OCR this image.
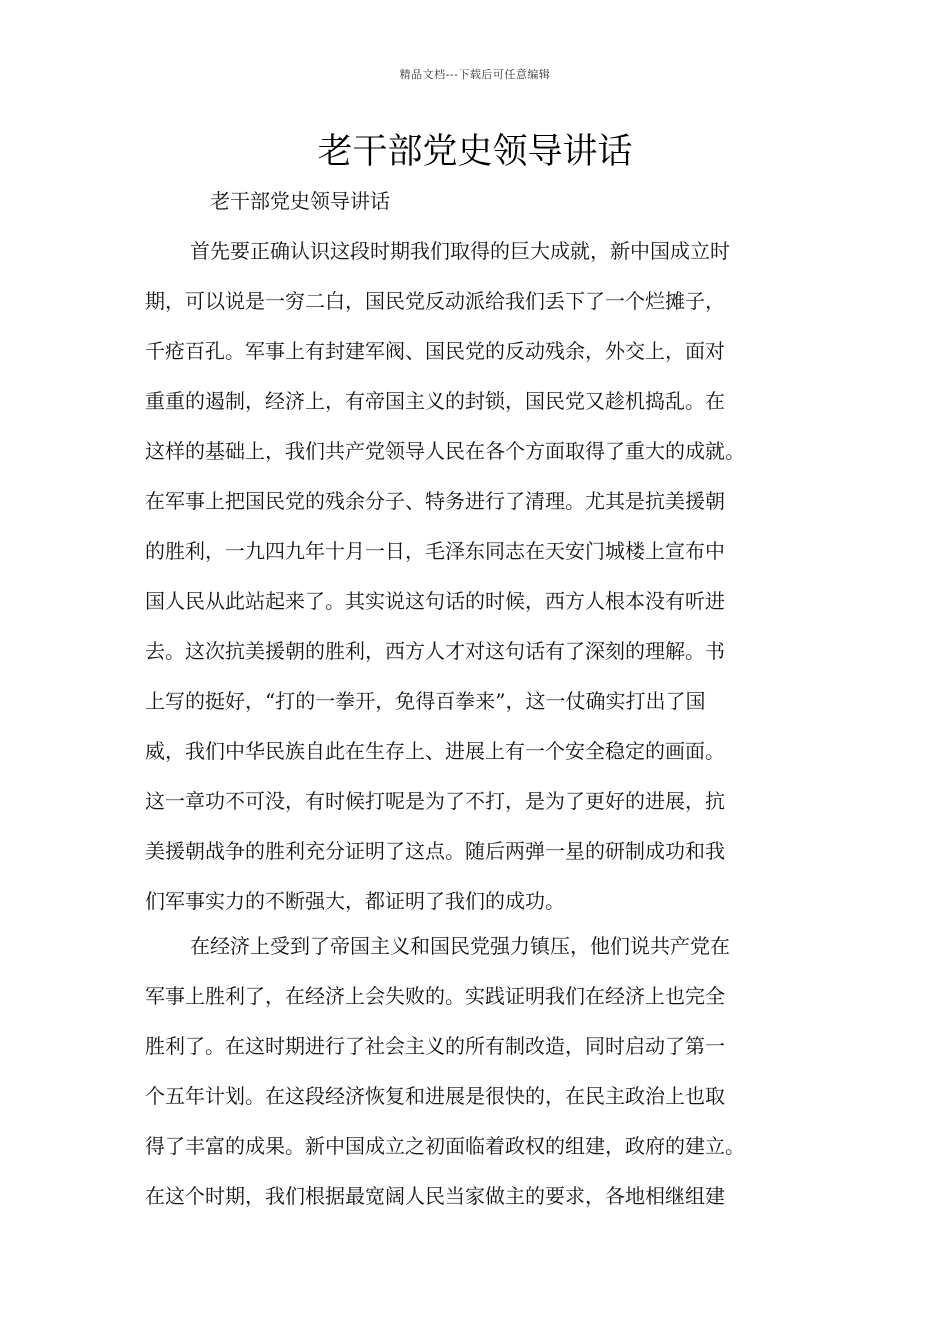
精品文档---下载后可任意编辑
老干部党史领导讲话
老干部党史领导讲话
首先要正确认识这段时期我们取得的巨大成就，新中国成立时
期，可以说是一穷二白，国民党反动派给我们丢下了一个烂摊子，
千疮百孔。军事上有封建军阀、国民党的反动残余，外交上，面对
重重的遏制，经济上，有帝国主义的封锁，国民党又趁机捣乱。在
这样的基础上，我们共产党领导人民在各个方面取得了重大的成就。
在军事上把国民党的残余分子、特务进行了清理。尤其是抗美援朝
的胜利，一九四九年十月一日，毛泽东同志在天安门城楼上宣布中
国人民从此站起来了。其实说这句话的时候，西方人根本没有听进
去。这次抗美援朝的胜利，西方人才对这句话有了深刻的理解。书
上写的挺好，“打的一拳开，免得百拳来”，这一仗确实打出了国
威，我们中华民族自此在生存上、进展上有一个安全稳定的画面。
这一章功不可没，有时候打呢是为了不打，是为了更好的进展，抗
美援朝战争的胜利充分证明了这点。随后两弹一星的研制成功和我
们军事实力的不断强大，都证明了我们的成功。
在经济上受到了帝国主义和国民党强力镇压，他们说共产党在
军事上胜利了，在经济上会失败的。实践证明我们在经济上也完全
胜利了。在这时期进行了社会主义的所有制改造，同时启动了第一
个五年计划。在这段经济恢复和进展是很快的，在民主政治上也取
得了丰富的成果。新中国成立之初面临着政权的组建，政府的建立。
在这个时期，我们根据最宽阔人民当家做主的要求，各地相继组建
